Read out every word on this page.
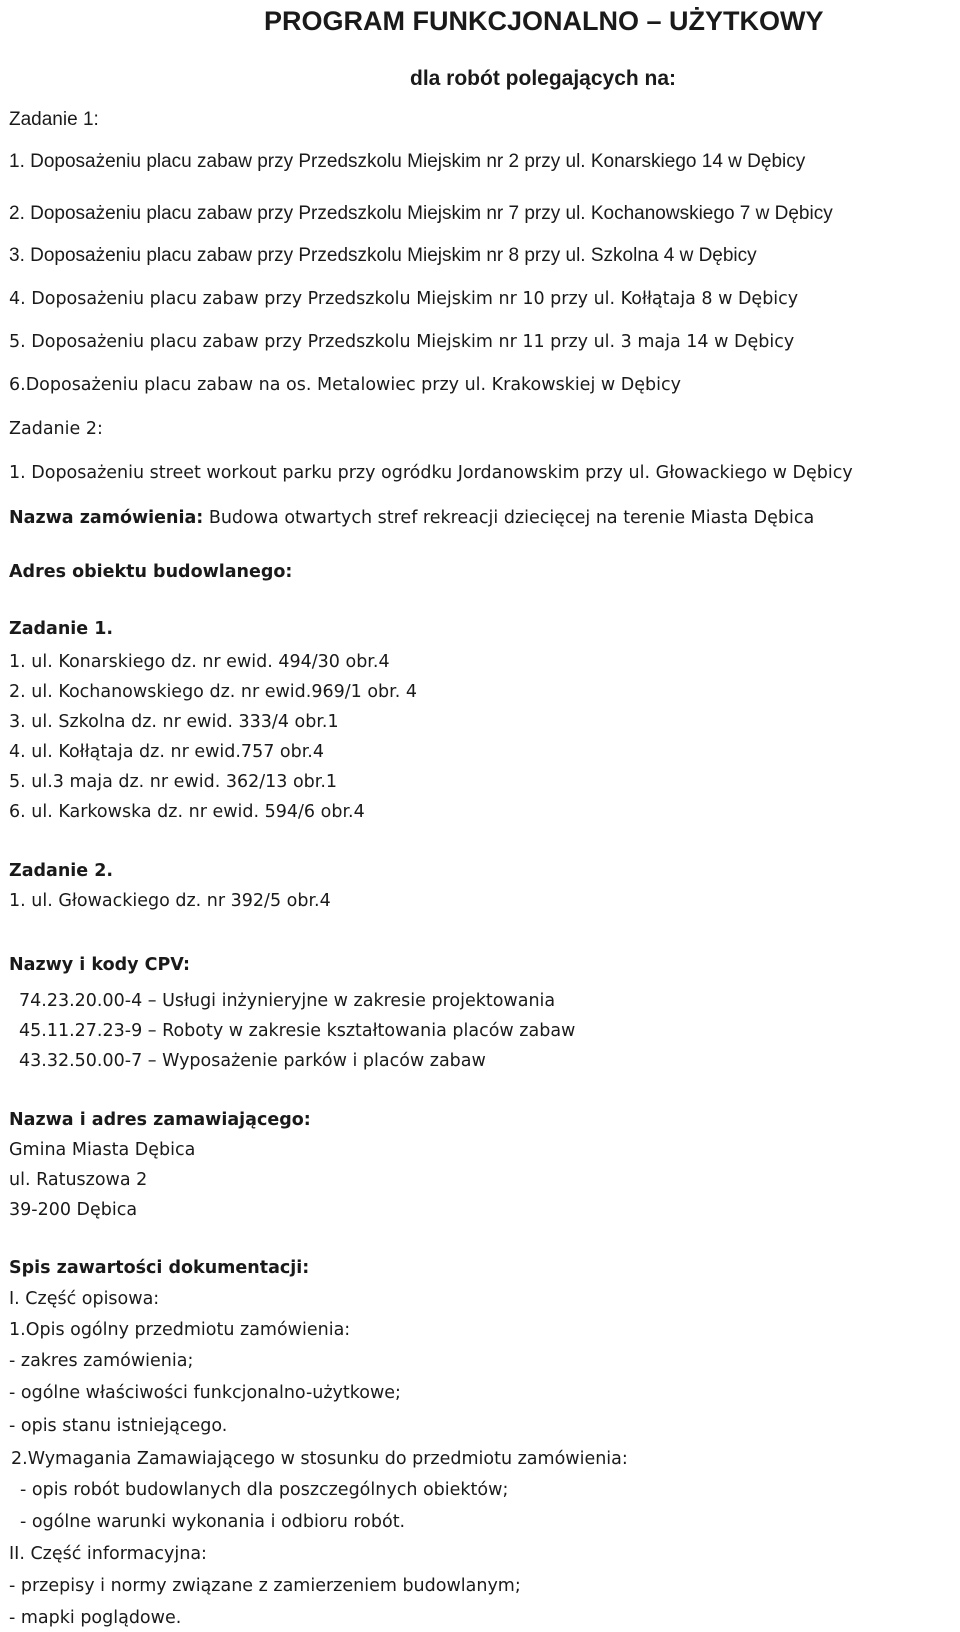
PROGRAM FUNKCJONALNO – UŻYTKOWY
dla robót polegających na:
Zadanie 1:
1. Doposażeniu placu zabaw przy Przedszkolu Miejskim nr 2 przy ul. Konarskiego 14 w Dębicy
2. Doposażeniu placu zabaw przy Przedszkolu Miejskim nr 7 przy ul. Kochanowskiego 7 w Dębicy
3. Doposażeniu placu zabaw przy Przedszkolu Miejskim nr 8 przy ul. Szkolna 4 w Dębicy
4. Doposażeniu placu zabaw przy Przedszkolu Miejskim nr 10 przy ul. Kołłątaja 8 w Dębicy
5. Doposażeniu placu zabaw przy Przedszkolu Miejskim nr 11 przy ul. 3 maja 14 w Dębicy
6.Doposażeniu placu zabaw na os. Metalowiec przy ul. Krakowskiej w Dębicy
Zadanie 2:
1. Doposażeniu street workout parku przy ogródku Jordanowskim przy ul. Głowackiego w Dębicy
Nazwa zamówienia: Budowa otwartych stref rekreacji dziecięcej na terenie Miasta Dębica
Adres obiektu budowlanego:
Zadanie 1.
1. ul. Konarskiego dz. nr ewid. 494/30 obr.4
2. ul. Kochanowskiego dz. nr ewid.969/1 obr. 4
3. ul. Szkolna dz. nr ewid. 333/4 obr.1
4. ul. Kołłątaja dz. nr ewid.757 obr.4
5. ul.3 maja dz. nr ewid. 362/13 obr.1
6. ul. Karkowska dz. nr ewid. 594/6 obr.4
Zadanie 2.
1. ul. Głowackiego dz. nr 392/5 obr.4
Nazwy i kody CPV:
74.23.20.00-4 – Usługi inżynieryjne w zakresie projektowania
45.11.27.23-9 – Roboty w zakresie kształtowania placów zabaw
43.32.50.00-7 – Wyposażenie parków i placów zabaw
Nazwa i adres zamawiającego:
Gmina Miasta Dębica
ul. Ratuszowa 2
39-200 Dębica
Spis zawartości dokumentacji:
I. Część opisowa:
1.Opis ogólny przedmiotu zamówienia:
- zakres zamówienia;
- ogólne właściwości funkcjonalno-użytkowe;
- opis stanu istniejącego.
2.Wymagania Zamawiającego w stosunku do przedmiotu zamówienia:
- opis robót budowlanych dla poszczególnych obiektów;
- ogólne warunki wykonania i odbioru robót.
II. Część informacyjna:
- przepisy i normy związane z zamierzeniem budowlanym;
- mapki poglądowe.
